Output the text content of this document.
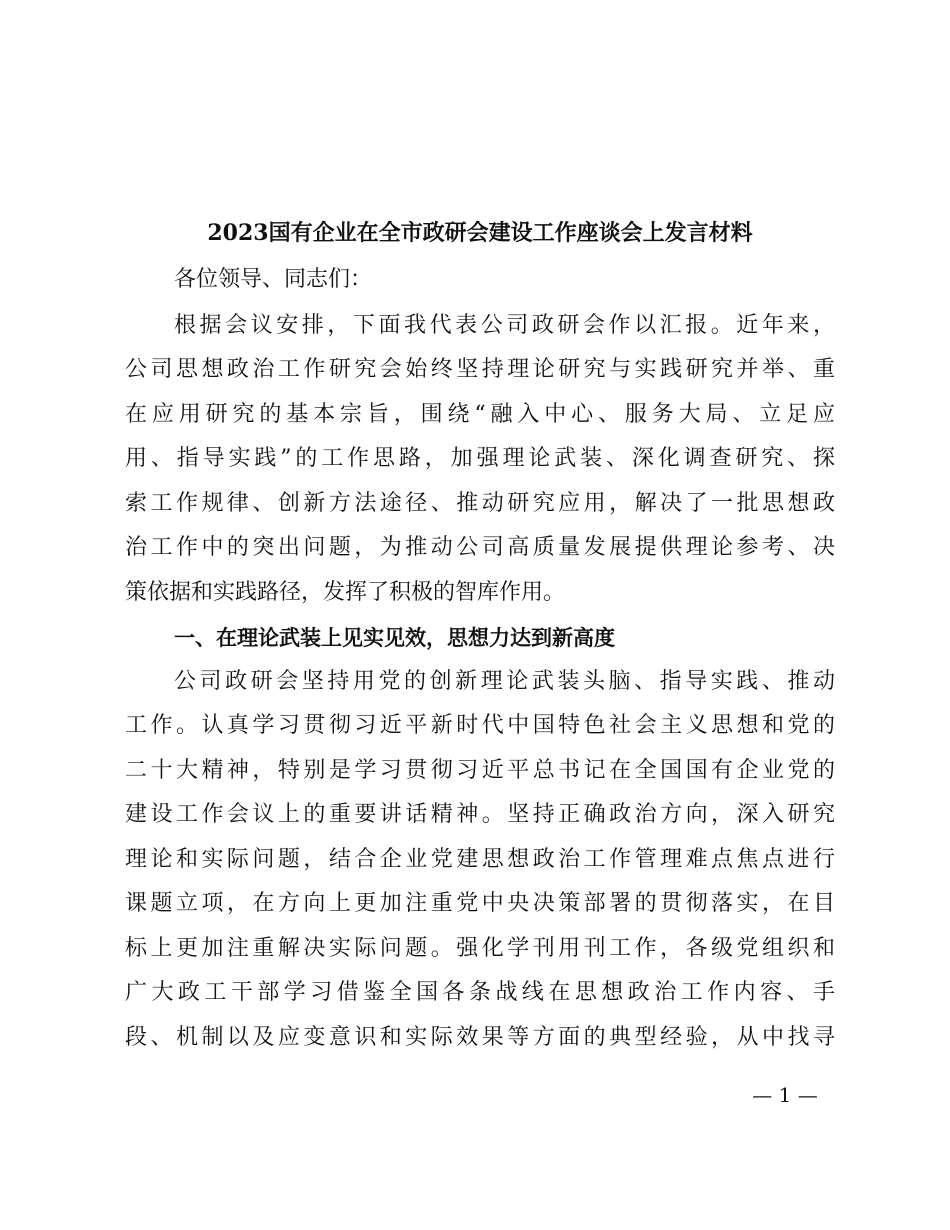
2023国有企业在全市政研会建设工作座谈会上发言材料
各位领导、同志们：
根据会议安排，下面我代表公司政研会作以汇报。近年来，
公司思想政治工作研究会始终坚持理论研究与实践研究并举、重
在应用研究的基本宗旨，围绕“融入中心、服务大局、立足应
用、指导实践”的工作思路，加强理论武装、深化调查研究、探
索工作规律、创新方法途径、推动研究应用，解决了一批思想政
治工作中的突出问题，为推动公司高质量发展提供理论参考、决
策依据和实践路径，发挥了积极的智库作用。
一、在理论武装上见实见效，思想力达到新高度
公司政研会坚持用党的创新理论武装头脑、指导实践、推动
工作。认真学习贯彻习近平新时代中国特色社会主义思想和党的
二十大精神，特别是学习贯彻习近平总书记在全国国有企业党的
建设工作会议上的重要讲话精神。坚持正确政治方向，深入研究
理论和实际问题，结合企业党建思想政治工作管理难点焦点进行
课题立项，在方向上更加注重党中央决策部署的贯彻落实，在目
标上更加注重解决实际问题。强化学刊用刊工作，各级党组织和
广大政工干部学习借鉴全国各条战线在思想政治工作内容、手
段、机制以及应变意识和实际效果等方面的典型经验，从中找寻
— 1 —
